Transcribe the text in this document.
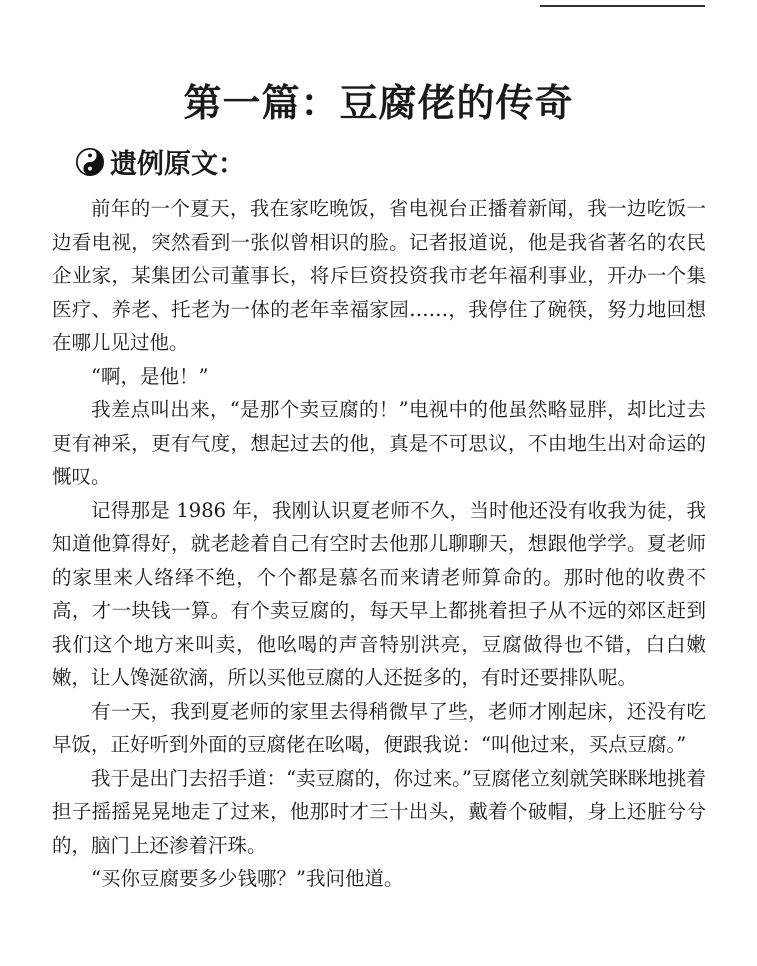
第一篇：豆腐佬的传奇
遗例原文：

前年的一个夏天，我在家吃晚饭，省电视台正播着新闻，我一边吃饭一边看电视，突然看到一张似曾相识的脸。记者报道说，他是我省著名的农民企业家，某集团公司董事长，将斥巨资投资我市老年福利事业，开办一个集医疗、养老、托老为一体的老年幸福家园……，我停住了碗筷，努力地回想在哪儿见过他。

“啊，是他！”

我差点叫出来，“是那个卖豆腐的！”电视中的他虽然略显胖，却比过去更有神采，更有气度，想起过去的他，真是不可思议，不由地生出对命运的慨叹。

记得那是 1986 年，我刚认识夏老师不久，当时他还没有收我为徒，我知道他算得好，就老趁着自己有空时去他那儿聊聊天，想跟他学学。夏老师的家里来人络绎不绝，个个都是慕名而来请老师算命的。那时他的收费不高，才一块钱一算。有个卖豆腐的，每天早上都挑着担子从不远的郊区赶到我们这个地方来叫卖，他吆喝的声音特别洪亮，豆腐做得也不错，白白嫩嫩，让人馋涎欲滴，所以买他豆腐的人还挺多的，有时还要排队呢。

有一天，我到夏老师的家里去得稍微早了些，老师才刚起床，还没有吃早饭，正好听到外面的豆腐佬在吆喝，便跟我说：“叫他过来，买点豆腐。”

我于是出门去招手道：“卖豆腐的，你过来。”豆腐佬立刻就笑眯眯地挑着担子摇摇晃晃地走了过来，他那时才三十出头，戴着个破帽，身上还脏兮兮的，脑门上还渗着汗珠。

“买你豆腐要多少钱哪？”我问他道。
